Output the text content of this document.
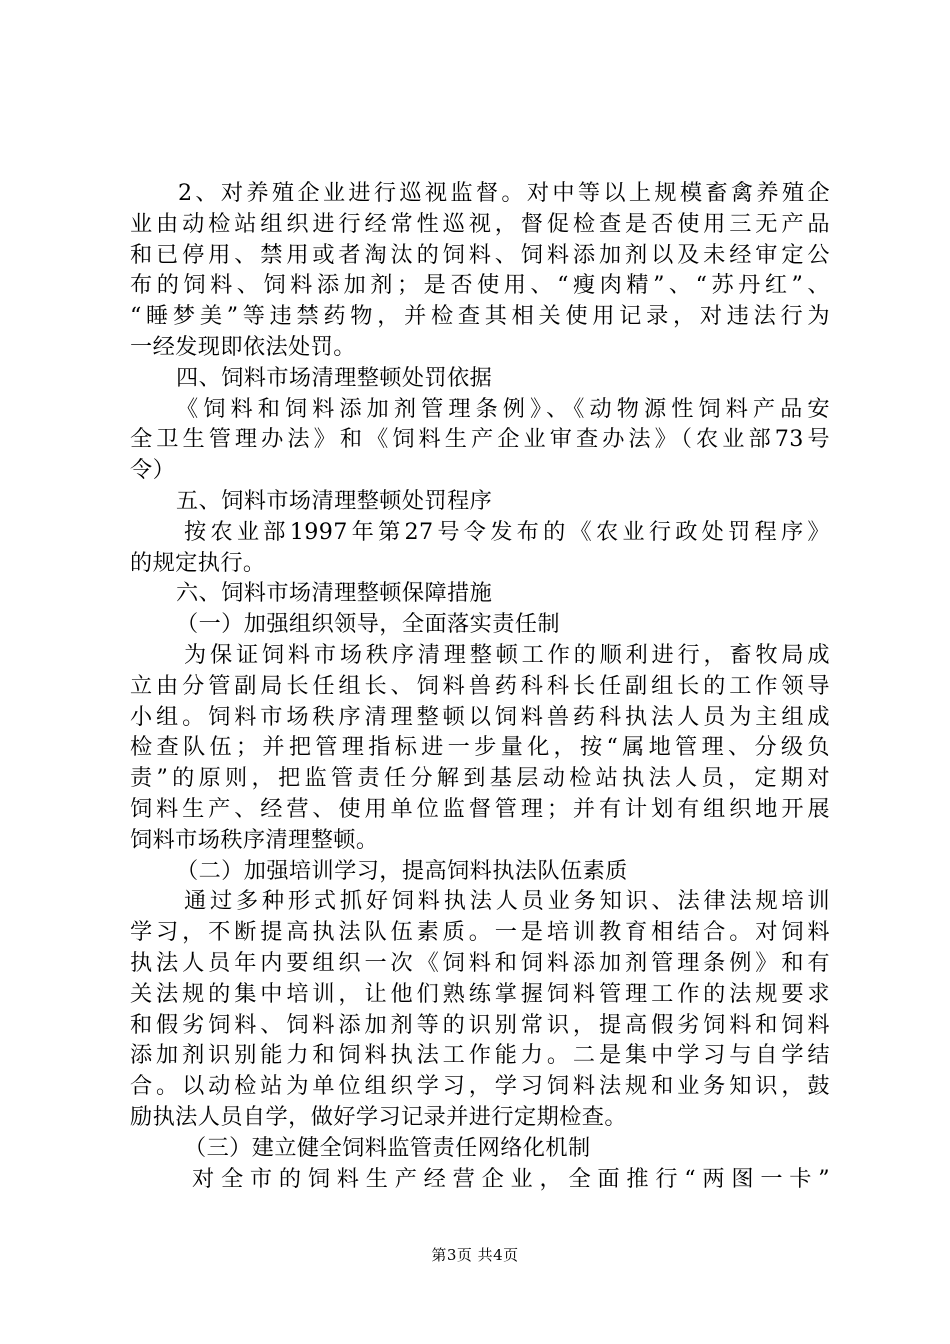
2、对养殖企业进行巡视监督。对中等以上规模畜禽养殖企
业由动检站组织进行经常性巡视，督促检查是否使用三无产品
和已停用、禁用或者淘汰的饲料、饲料添加剂以及未经审定公
布的饲料、饲料添加剂；是否使用、“瘦肉精”、“苏丹红”、
“睡梦美”等违禁药物，并检查其相关使用记录，对违法行为
一经发现即依法处罚。
四、饲料市场清理整顿处罚依据
《饲料和饲料添加剂管理条例》、《动物源性饲料产品安
全卫生管理办法》和《饲料生产企业审查办法》（农业部73号
令）
五、饲料市场清理整顿处罚程序
按农业部1997年第27号令发布的《农业行政处罚程序》
的规定执行。
六、饲料市场清理整顿保障措施
（一）加强组织领导，全面落实责任制
为保证饲料市场秩序清理整顿工作的顺利进行，畜牧局成
立由分管副局长任组长、饲料兽药科科长任副组长的工作领导
小组。饲料市场秩序清理整顿以饲料兽药科执法人员为主组成
检查队伍；并把管理指标进一步量化，按“属地管理、分级负
责”的原则，把监管责任分解到基层动检站执法人员，定期对
饲料生产、经营、使用单位监督管理；并有计划有组织地开展
饲料市场秩序清理整顿。
（二）加强培训学习，提高饲料执法队伍素质
通过多种形式抓好饲料执法人员业务知识、法律法规培训
学习，不断提高执法队伍素质。一是培训教育相结合。对饲料
执法人员年内要组织一次《饲料和饲料添加剂管理条例》和有
关法规的集中培训，让他们熟练掌握饲料管理工作的法规要求
和假劣饲料、饲料添加剂等的识别常识，提高假劣饲料和饲料
添加剂识别能力和饲料执法工作能力。二是集中学习与自学结
合。以动检站为单位组织学习，学习饲料法规和业务知识，鼓
励执法人员自学，做好学习记录并进行定期检查。
（三）建立健全饲料监管责任网络化机制
对全市的饲料生产经营企业，全面推行“两图一卡”
第3页 共4页
